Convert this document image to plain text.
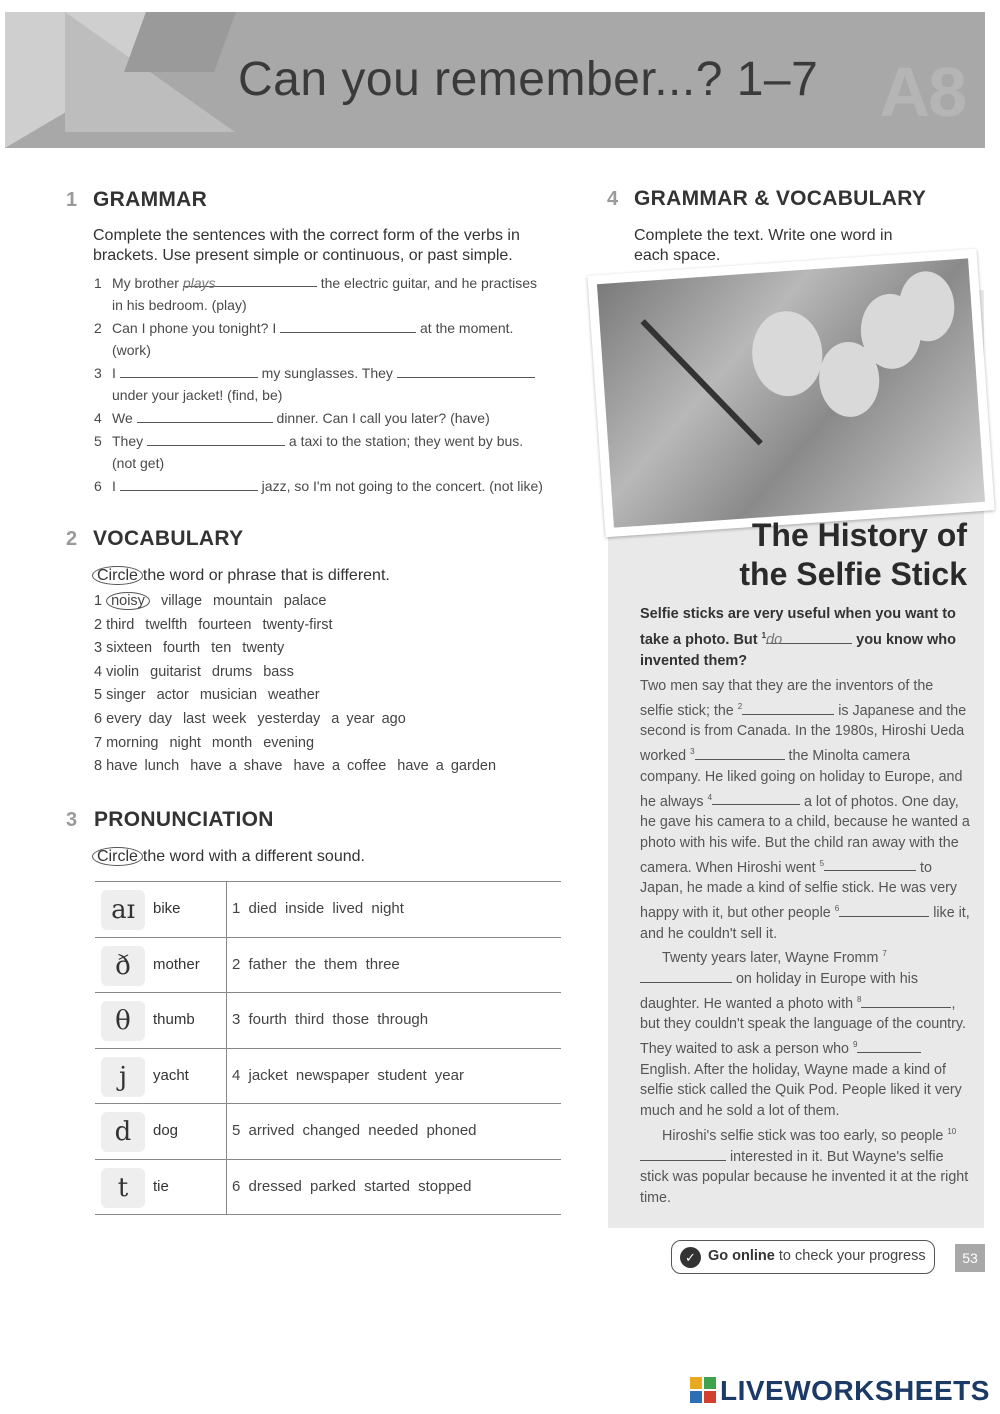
A8
Can you remember...? 1–7
1 GRAMMAR
Complete the sentences with the correct form of the verbs in
brackets. Use present simple or continuous, or past simple.
1 My brother plays	the electric guitar, and he practises
in his bedroom. (play)
2 Can I phone you tonight? I	at the moment.
(work)
3 I	my sunglasses. They
under your jacket! (find, be)
4 We	dinner. Can I call you later? (have)
5 They	a taxi to the station; they went by bus.
(not get)
6 I	jazz, so I'm not going to the concert. (not like)
2 VOCABULARY
Circle the word or phrase that is different.
1 noisy village mountain palace
2 third twelfth fourteen twenty-first
3 sixteen fourth ten twenty
4 violin guitarist drums bass
5 singer actor musician weather
6 every day last week yesterday a year ago
7 morning night month evening
8 have lunch have a shave have a coffee have a garden
3 PRONUNCIATION
Circle the word with a different sound.
aɪ	bike	1 died inside lived night
ð	mother 2 father the them three
θ	thumb 3 fourth third those through
j	yacht	4 jacket newspaper student year
d	dog	5 arrived changed needed phoned
t	tie	6 dressed parked started stopped
4 GRAMMAR & VOCABULARY
Complete the text. Write one word in
each space.
The History of
the Selfie Stick
Selfie sticks are very useful when you want to take a photo. But $^1$do	you know who invented them?

Two men say that they are the inventors of the selfie stick; the $^2$	is Japanese and the second is from Canada. In the 1980s, Hiroshi Ueda worked $^3$	the Minolta camera company. He liked going on holiday to Europe, and he always $^4$	a lot of photos. One day, he gave his camera to a child, because he wanted a photo with his wife. But the child ran away with the camera. When Hiroshi went $^5$	to Japan, he made a kind of selfie stick. He was very happy with it, but other people $^6$	like it, and he couldn't sell it.

Twenty years later, Wayne Fromm $^7$ on holiday in Europe with his daughter. He wanted a photo with $^8$	, but they couldn't speak the language of the country. They waited to ask a person who $^9$ English. After the holiday, Wayne made a kind of selfie stick called the Quik Pod. People liked it very much and he sold a lot of them.

Hiroshi's selfie stick was too early, so people $^{10}$ interested in it. But Wayne's selfie stick was popular because he invented it at the right time.

✓ Go online to check your progress	53
LIVEWORKSHEETS
